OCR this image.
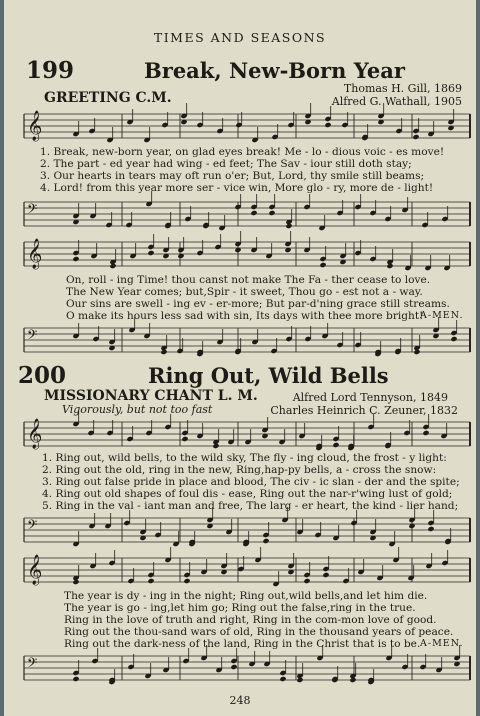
TIMES AND SEASONS
199	Break, New-Born Year
GREETING C.M.
Thomas H. Gill, 1869
Alfred G. Wathall, 1905
𝄞
1. Break, new-born year, on glad eyes break! Me - lo - dious voic - es move!
2. The part - ed year had wing - ed feet; The Sav - iour still doth stay;
3. Our hearts in tears may oft run o'er; But, Lord, thy smile still beams;
4. Lord! from this year more ser - vice win, More glo - ry, more de - light!
𝄢
𝄞
On, roll - ing Time! thou canst not make The Fa - ther cease to love.
The New Year comes; but,Spir - it sweet, Thou go - est not a - way.
Our sins are swell - ing ev - er-more; But par-d'ning grace still streams.
O make its hours less sad with sin, Its days with thee more bright!
A-MEN.
𝄢
200	Ring Out, Wild Bells
MISSIONARY CHANT L. M.	Alfred Lord Tennyson, 1849
Vigorously, but not too fast	Charles Heinrich C. Zeuner, 1832
𝄞
1. Ring out, wild bells, to the wild sky, The fly - ing cloud, the frost - y light:
2. Ring out the old, ring in the new, Ring,hap-py bells, a - cross the snow:
3. Ring out false pride in place and blood, The civ - ic slan - der and the spite;
4. Ring out old shapes of foul dis - ease, Ring out the nar-r'wing lust of gold;
5. Ring in the val - iant man and free, The larg - er heart, the kind - lier hand;
𝄢
𝄞
The year is dy - ing in the night; Ring out,wild bells,and let him die.
The year is go - ing,let him go; Ring out the false,ring in the true.
Ring in the love of truth and right, Ring in the com-mon love of good.
Ring out the thou-sand wars of old, Ring in the thousand years of peace.
Ring out the dark-ness of the land, Ring in the Christ that is to be. A-MEN.
𝄢
248
